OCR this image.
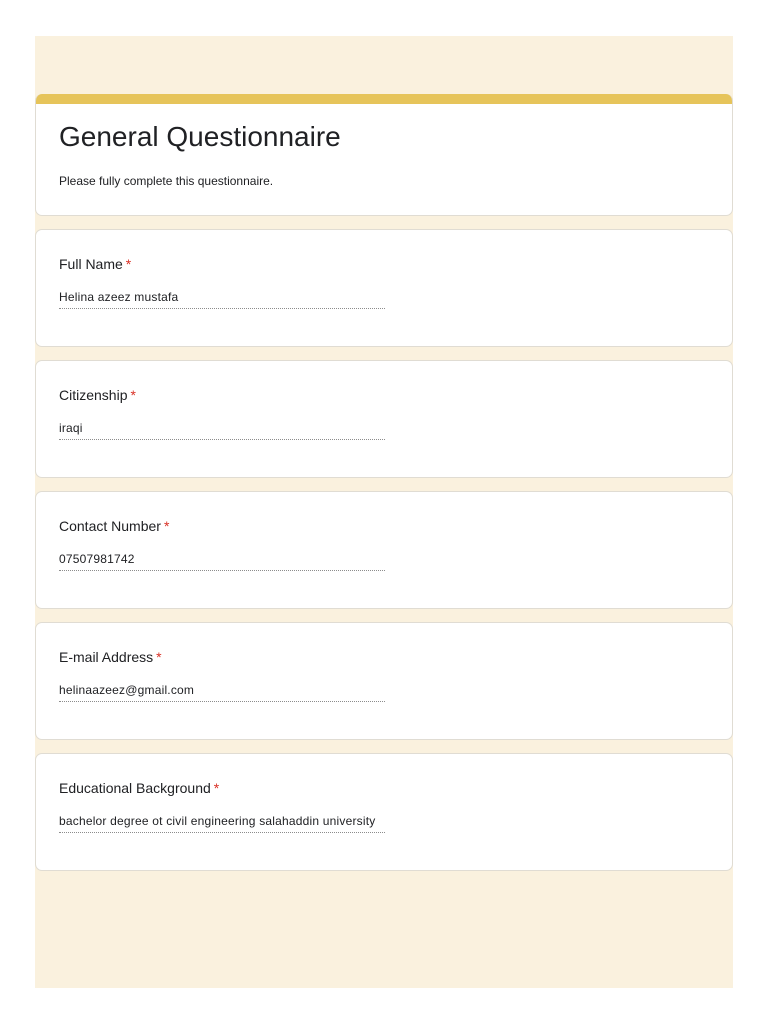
General Questionnaire

Please fully complete this questionnaire.

Full Name *
Helina azeez mustafa
Citizenship *
iraqi
Contact Number *
07507981742
E-mail Address *
helinaazeez@gmail.com
Educational Background *
bachelor degree ot civil engineering salahaddin university
